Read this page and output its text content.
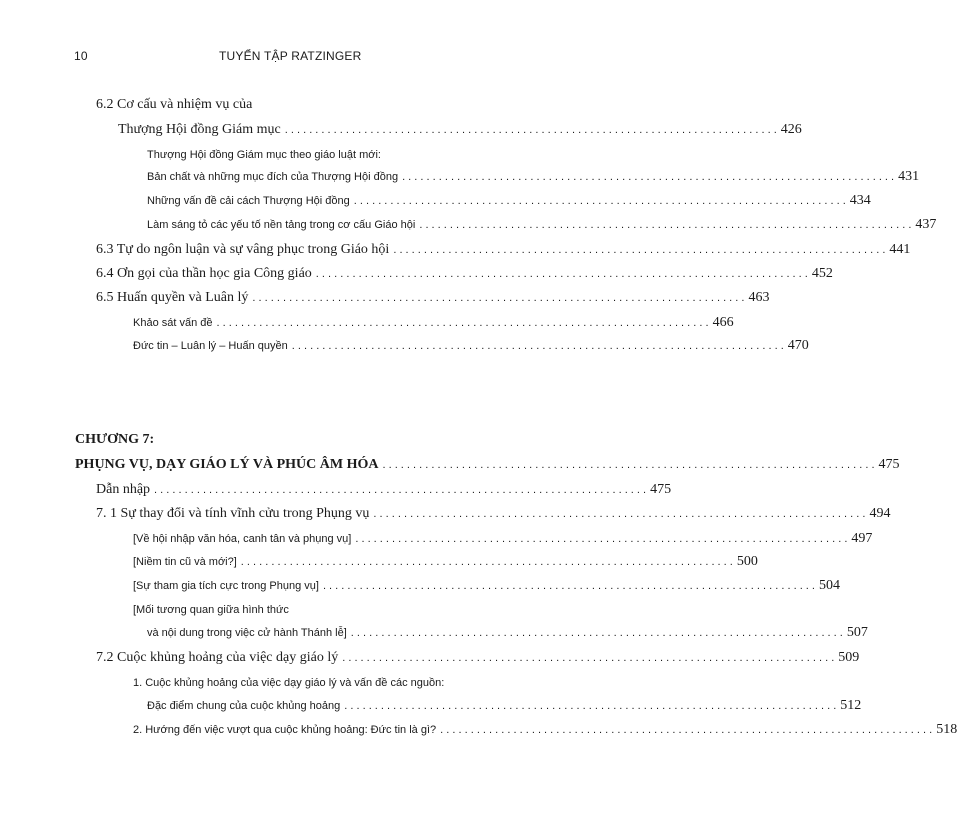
10	TUYỂN TẬP RATZINGER
6.2 Cơ cấu và nhiệm vụ của
Thượng Hội đồng Giám mục . . .	426
Thượng Hội đồng Giám mục theo giáo luật mới:
Bản chất và những mục đích của Thượng Hội đồng . . .	431
Những vấn đề cải cách Thượng Hội đồng . . .	434
Làm sáng tỏ các yếu tố nền tảng trong cơ cấu Giáo hội . . .	437
6.3 Tự do ngôn luận và sự vâng phục trong Giáo hội . . .	441
6.4 Ơn gọi của thần học gia Công giáo . . .	452
6.5 Huấn quyền và Luân lý . . .	463
Khảo sát vấn đề . . .	466
Đức tin – Luân lý – Huấn quyền . . .	470
CHƯƠNG 7:
PHỤNG VỤ, DẠY GIÁO LÝ VÀ PHÚC ÂM HÓA . . .	475
Dẫn nhập . . .	475
7. 1 Sự thay đổi và tính vĩnh cửu trong Phụng vụ . . .	494
[Về hội nhập văn hóa, canh tân và phụng vụ] . . .	497
[Niềm tin cũ và mới?] . . .	500
[Sự tham gia tích cực trong Phụng vụ] . . .	504
[Mối tương quan giữa hình thức
và nội dung trong việc cử hành Thánh lễ] . . .	507
7.2 Cuộc khủng hoảng của việc dạy giáo lý . . .	509
1. Cuộc khủng hoảng của việc dạy giáo lý và vấn đề các nguồn:
Đặc điểm chung của cuộc khủng hoảng . . .	512
2. Hướng đến việc vượt qua cuộc khủng hoảng: Đức tin là gì? . . .	518
